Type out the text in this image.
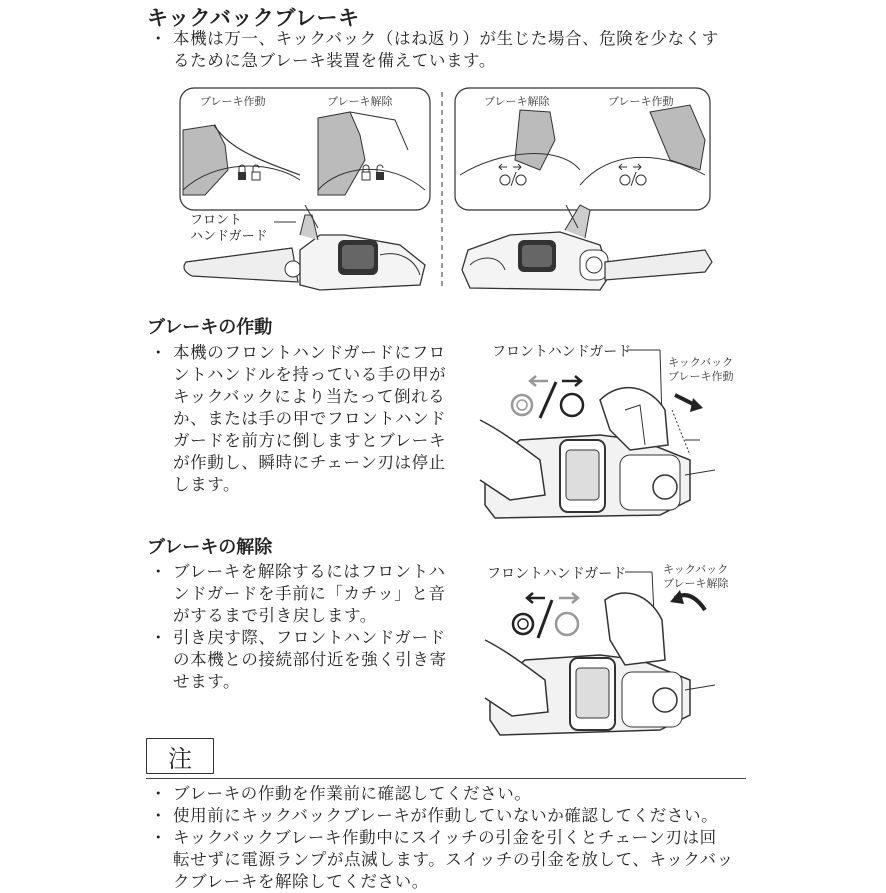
キックバックブレーキ
・ 本機は万一、キックバック（はね返り）が生じた場合、危険を少なくす
るために急ブレーキ装置を備えています。
ブレーキ作動	ブレーキ解除	ブレーキ解除	ブレーキ作動
フロント
ハンドガード
ブレーキの作動
・ 本機のフロントハンドガードにフロ
ントハンドルを持っている手の甲が
キックバックにより当たって倒れる
か、または手の甲でフロントハンド
ガードを前方に倒しますとブレーキ
が作動し、瞬時にチェーン刃は停止
します。
フロントハンドガード
キックバック
ブレーキ作動
ブレーキの解除
・ ブレーキを解除するにはフロントハ
ンドガードを手前に「カチッ」と音
がするまで引き戻します。
・ 引き戻す際、フロントハンドガード
の本機との接続部付近を強く引き寄
せます。
フロントハンドガード	キックバック
ブレーキ解除
注
・ ブレーキの作動を作業前に確認してください。
・ 使用前にキックバックブレーキが作動していないか確認してください。
・ キックバックブレーキ作動中にスイッチの引金を引くとチェーン刃は回
転せずに電源ランプが点滅します。スイッチの引金を放して、キックバッ
クブレーキを解除してください。
